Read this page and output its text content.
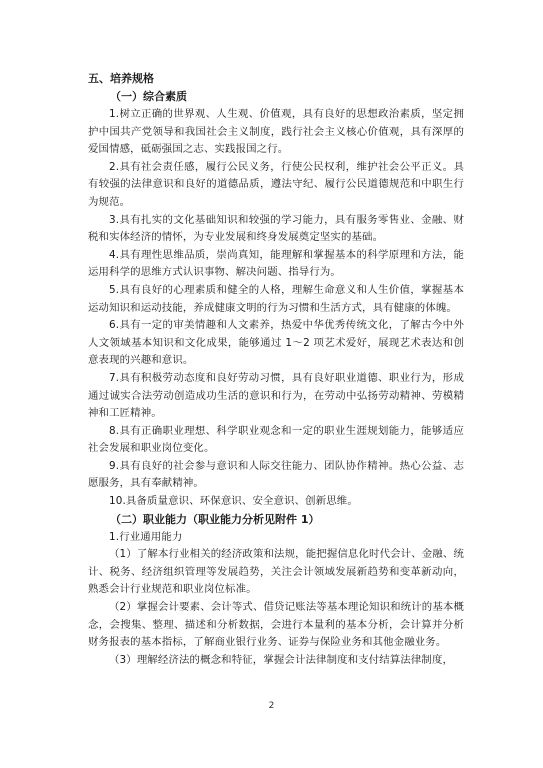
五、培养规格
（一）综合素质

1.树立正确的世界观、人生观、价值观，具有良好的思想政治素质，坚定拥护中国共产党领导和我国社会主义制度，践行社会主义核心价值观，具有深厚的爱国情感，砥砺强国之志、实践报国之行。

2.具有社会责任感，履行公民义务，行使公民权利，维护社会公平正义。具有较强的法律意识和良好的道德品质，遵法守纪、履行公民道德规范和中职生行为规范。

3.具有扎实的文化基础知识和较强的学习能力，具有服务零售业、金融、财税和实体经济的情怀，为专业发展和终身发展奠定坚实的基础。

4.具有理性思维品质，崇尚真知，能理解和掌握基本的科学原理和方法，能运用科学的思维方式认识事物、解决问题、指导行为。

5.具有良好的心理素质和健全的人格，理解生命意义和人生价值，掌握基本运动知识和运动技能，养成健康文明的行为习惯和生活方式，具有健康的体魄。

6.具有一定的审美情趣和人文素养，热爱中华优秀传统文化，了解古今中外人文领域基本知识和文化成果，能够通过 1～2 项艺术爱好，展现艺术表达和创意表现的兴趣和意识。

7.具有积极劳动态度和良好劳动习惯，具有良好职业道德、职业行为，形成通过诚实合法劳动创造成功生活的意识和行为，在劳动中弘扬劳动精神、劳模精神和工匠精神。

8.具有正确职业理想、科学职业观念和一定的职业生涯规划能力，能够适应社会发展和职业岗位变化。

9.具有良好的社会参与意识和人际交往能力、团队协作精神。热心公益、志愿服务，具有奉献精神。

10.具备质量意识、环保意识、安全意识、创新思维。

（二）职业能力（职业能力分析见附件 1）

1.行业通用能力

（1）了解本行业相关的经济政策和法规，能把握信息化时代会计、金融、统计、税务、经济组织管理等发展趋势，关注会计领域发展新趋势和变革新动向，熟悉会计行业规范和职业岗位标准。

（2）掌握会计要素、会计等式、借贷记账法等基本理论知识和统计的基本概念，会搜集、整理、描述和分析数据，会进行本量利的基本分析，会计算并分析财务报表的基本指标，了解商业银行业务、证券与保险业务和其他金融业务。

（3）理解经济法的概念和特征，掌握会计法律制度和支付结算法律制度，

2
